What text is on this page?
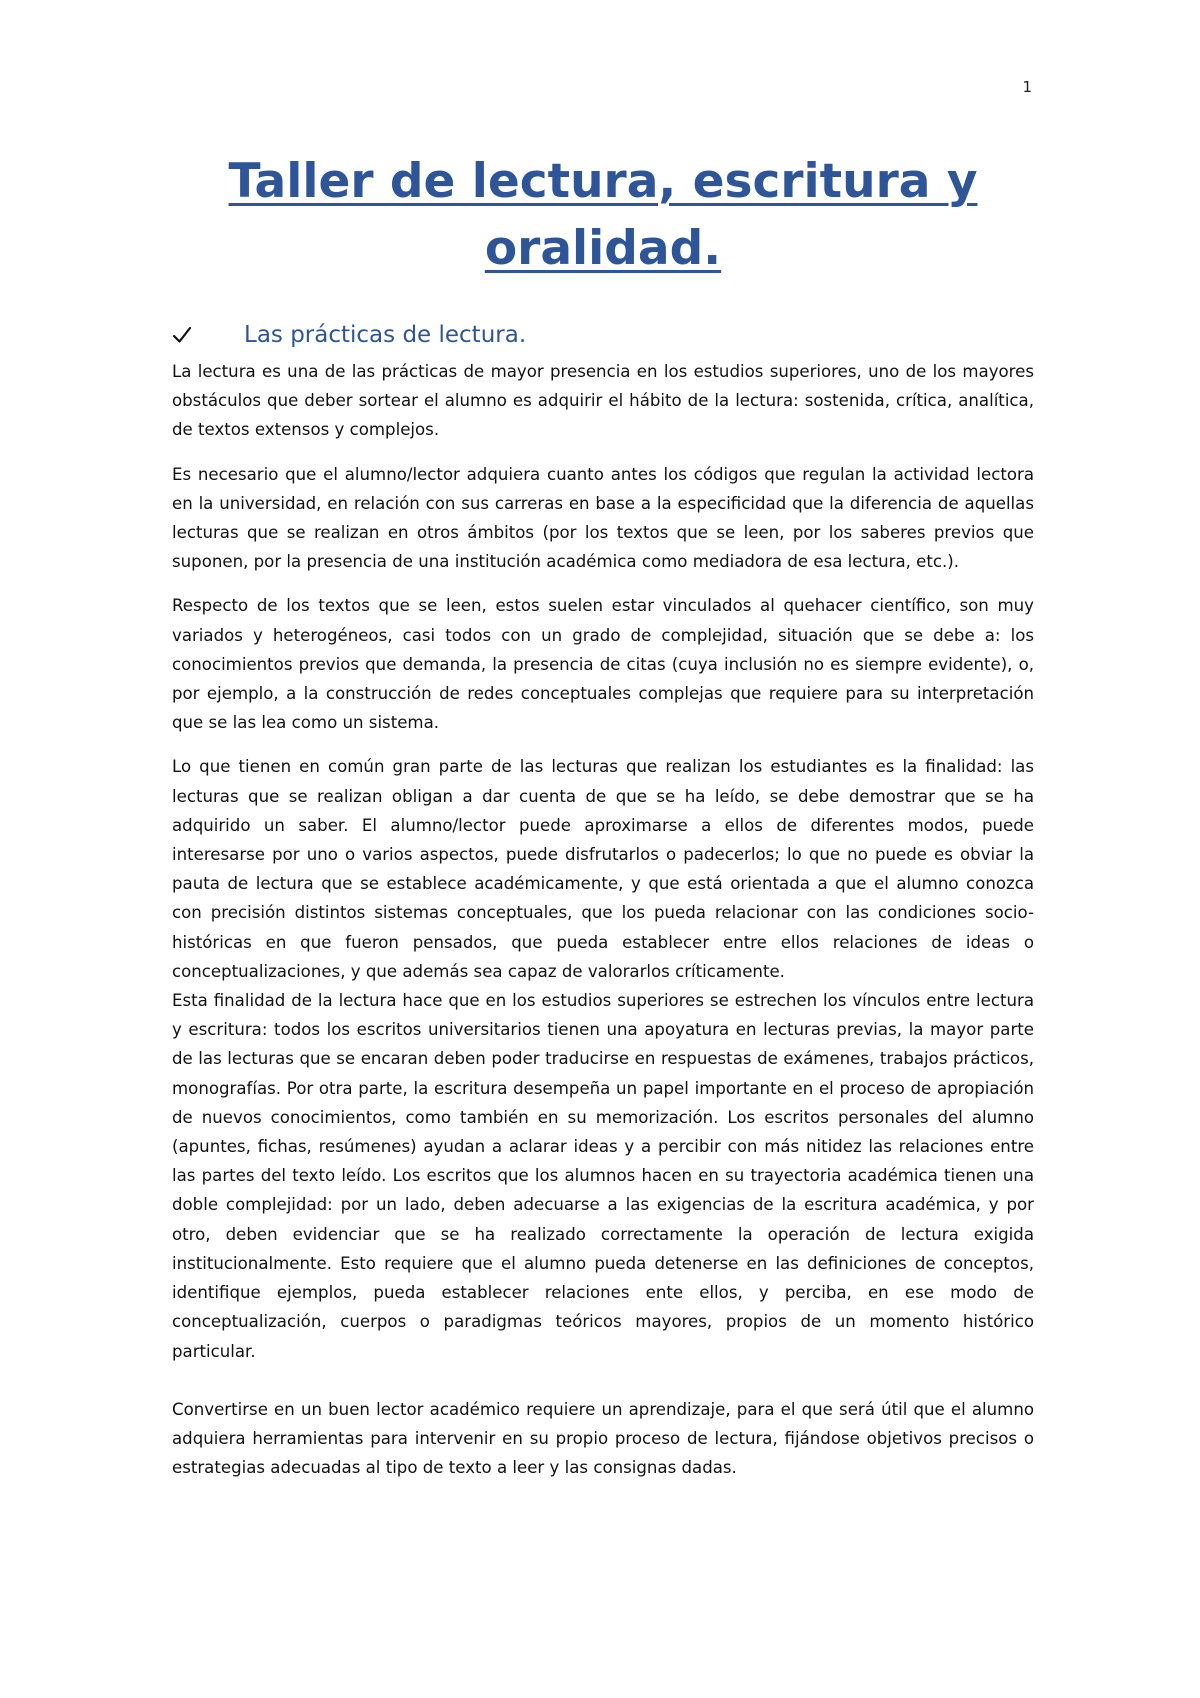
1
Taller de lectura, escritura y
oralidad.
Las prácticas de lectura.

La lectura es una de las prácticas de mayor presencia en los estudios superiores, uno de los mayores obstáculos que deber sortear el alumno es adquirir el hábito de la lectura: sostenida, crítica, analítica, de textos extensos y complejos.

Es necesario que el alumno/lector adquiera cuanto antes los códigos que regulan la actividad lectora en la universidad, en relación con sus carreras en base a la especificidad que la diferencia de aquellas lecturas que se realizan en otros ámbitos (por los textos que se leen, por los saberes previos que suponen, por la presencia de una institución académica como mediadora de esa lectura, etc.).

Respecto de los textos que se leen, estos suelen estar vinculados al quehacer científico, son muy variados y heterogéneos, casi todos con un grado de complejidad, situación que se debe a: los conocimientos previos que demanda, la presencia de citas (cuya inclusión no es siempre evidente), o, por ejemplo, a la construcción de redes conceptuales complejas que requiere para su interpretación que se las lea como un sistema.

Lo que tienen en común gran parte de las lecturas que realizan los estudiantes es la finalidad: las lecturas que se realizan obligan a dar cuenta de que se ha leído, se debe demostrar que se ha adquirido un saber. El alumno/lector puede aproximarse a ellos de diferentes modos, puede interesarse por uno o varios aspectos, puede disfrutarlos o padecerlos; lo que no puede es obviar la pauta de lectura que se establece académicamente, y que está orientada a que el alumno conozca con precisión distintos sistemas conceptuales, que los pueda relacionar con las condiciones socio-históricas en que fueron pensados, que pueda establecer entre ellos relaciones de ideas o conceptualizaciones, y que además sea capaz de valorarlos críticamente.

Esta finalidad de la lectura hace que en los estudios superiores se estrechen los vínculos entre lectura y escritura: todos los escritos universitarios tienen una apoyatura en lecturas previas, la mayor parte de las lecturas que se encaran deben poder traducirse en respuestas de exámenes, trabajos prácticos, monografías. Por otra parte, la escritura desempeña un papel importante en el proceso de apropiación de nuevos conocimientos, como también en su memorización. Los escritos personales del alumno (apuntes, fichas, resúmenes) ayudan a aclarar ideas y a percibir con más nitidez las relaciones entre las partes del texto leído. Los escritos que los alumnos hacen en su trayectoria académica tienen una doble complejidad: por un lado, deben adecuarse a las exigencias de la escritura académica, y por otro, deben evidenciar que se ha realizado correctamente la operación de lectura exigida institucionalmente. Esto requiere que el alumno pueda detenerse en las definiciones de conceptos, identifique ejemplos, pueda establecer relaciones ente ellos, y perciba, en ese modo de conceptualización, cuerpos o paradigmas teóricos mayores, propios de un momento histórico particular.

Convertirse en un buen lector académico requiere un aprendizaje, para el que será útil que el alumno adquiera herramientas para intervenir en su propio proceso de lectura, fijándose objetivos precisos o estrategias adecuadas al tipo de texto a leer y las consignas dadas.
